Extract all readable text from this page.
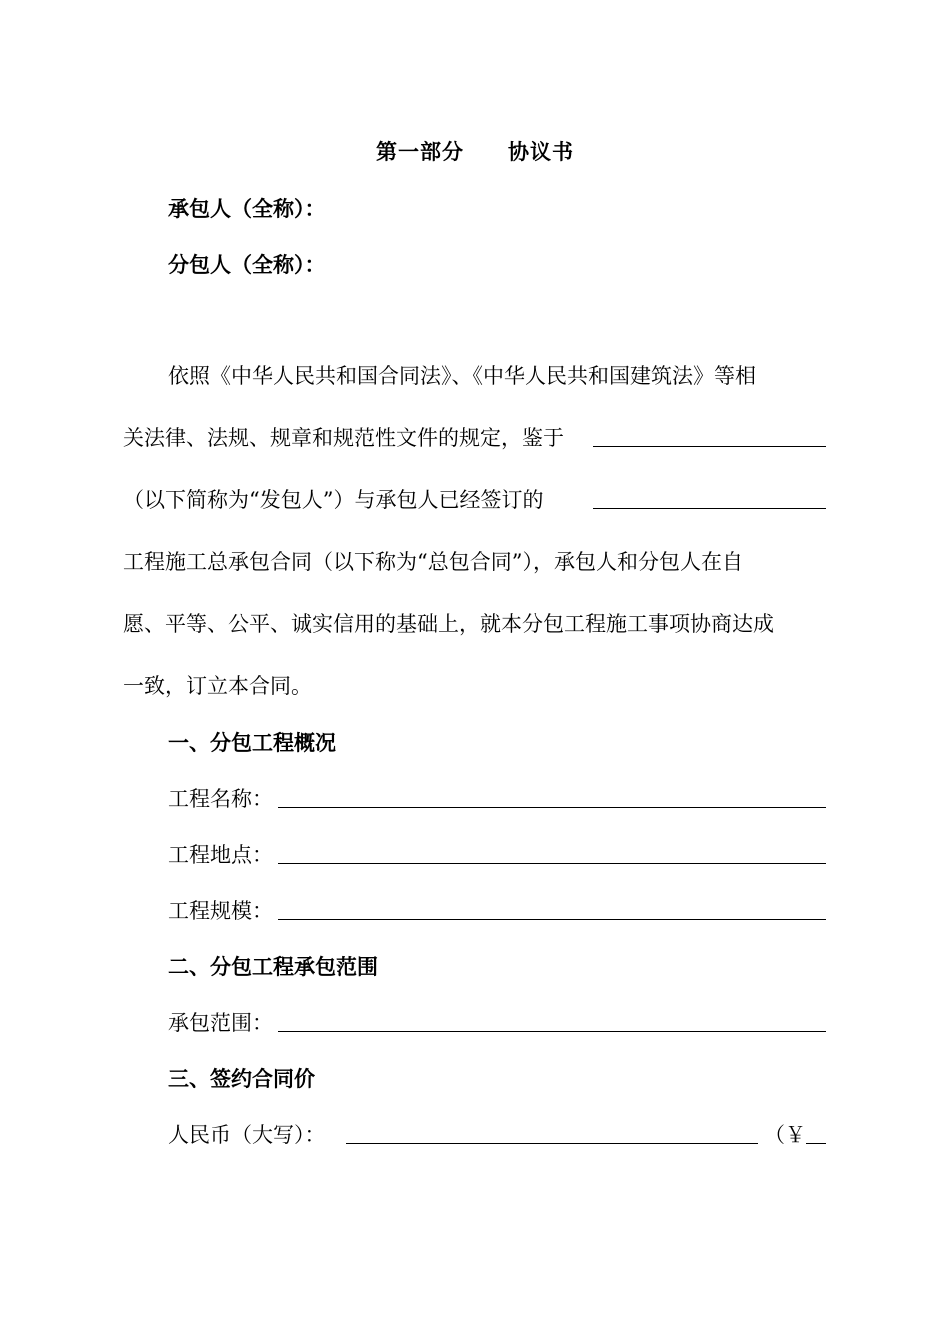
第一部分 协议书
承包人（全称）：
分包人（全称）：
依照《中华人民共和国合同法》、《中华人民共和国建筑法》等相
关法律、法规、规章和规范性文件的规定，鉴于
（以下简称为“发包人”）与承包人已经签订的
工程施工总承包合同（以下称为“总包合同”），承包人和分包人在自
愿、平等、公平、诚实信用的基础上，就本分包工程施工事项协商达成
一致，订立本合同。
一、分包工程概况
工程名称：
工程地点：
工程规模：
二、分包工程承包范围
承包范围：
三、签约合同价
人民币（大写）：	（￥
